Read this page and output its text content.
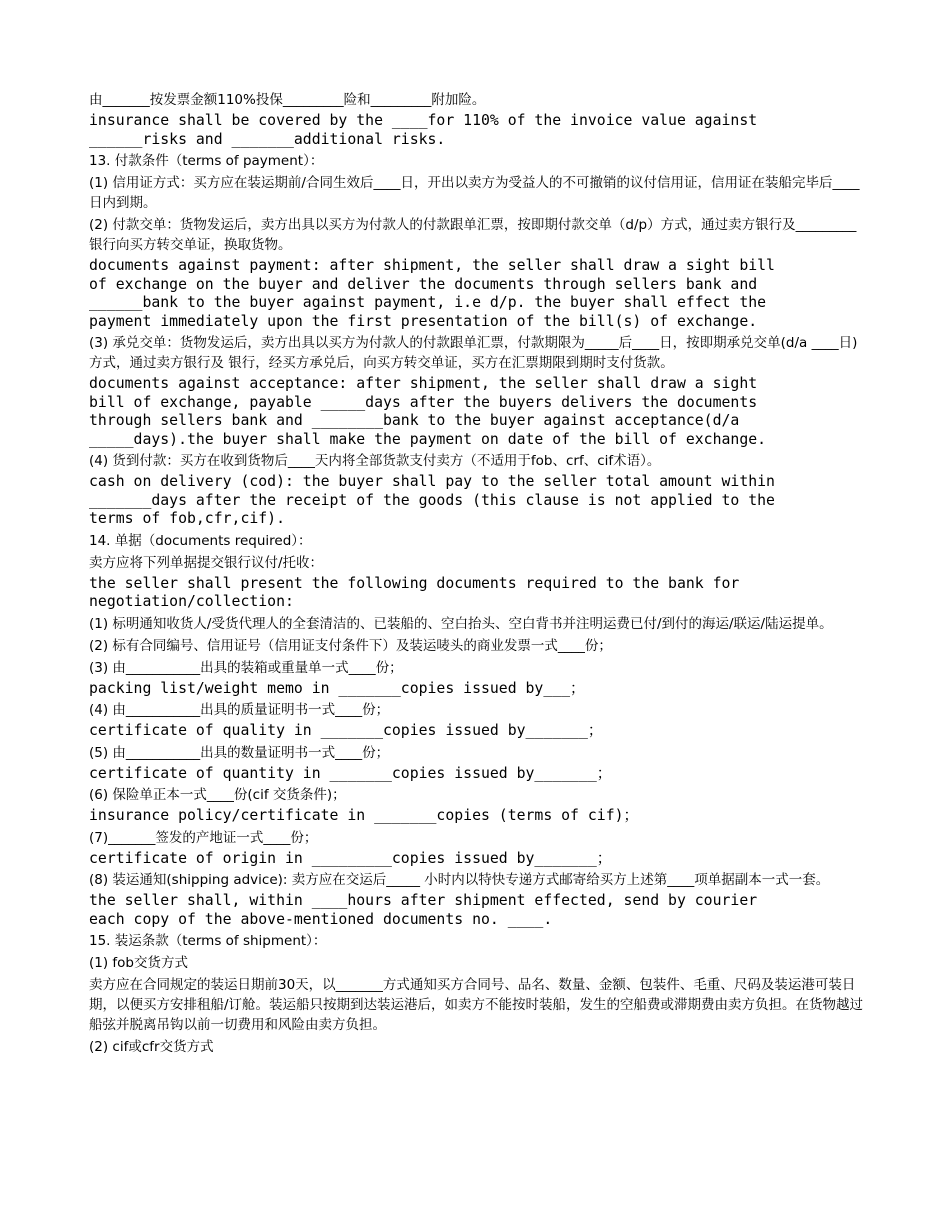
由_______按发票金额110%投保_________险和_________附加险。

insurance shall be covered by the ____for 110% of the invoice value against
______risks and _______additional risks.

13. 付款条件（terms of payment）：

(1) 信用证方式：买方应在装运期前/合同生效后____日，开出以卖方为受益人的不可撤销的议付信用证，信用证在装船完毕后____日内到期。

(2) 付款交单：货物发运后，卖方出具以买方为付款人的付款跟单汇票，按即期付款交单（d/p）方式，通过卖方银行及_________银行向买方转交单证，换取货物。

documents against payment: after shipment, the seller shall draw a sight bill
of exchange on the buyer and deliver the documents through sellers bank and
______bank to the buyer against payment, i.e d/p. the buyer shall effect the
payment immediately upon the first presentation of the bill(s) of exchange.

(3) 承兑交单：货物发运后，卖方出具以买方为付款人的付款跟单汇票，付款期限为_____后____日，按即期承兑交单(d/a ____日)方式，通过卖方银行及 银行，经买方承兑后，向买方转交单证，买方在汇票期限到期时支付货款。

documents against acceptance: after shipment, the seller shall draw a sight
bill of exchange, payable _____days after the buyers delivers the documents
through sellers bank and ________bank to the buyer against acceptance(d/a
_____days).the buyer shall make the payment on date of the bill of exchange.

(4) 货到付款：买方在收到货物后____天内将全部货款支付卖方（不适用于fob、crf、cif术语）。

cash on delivery (cod): the buyer shall pay to the seller total amount within
_______days after the receipt of the goods (this clause is not applied to the
terms of fob,cfr,cif).

14. 单据（documents required）：

卖方应将下列单据提交银行议付/托收：

the seller shall present the following documents required to the bank for
negotiation/collection:

(1) 标明通知收货人/受货代理人的全套清洁的、已装船的、空白抬头、空白背书并注明运费已付/到付的海运/联运/陆运提单。

(2) 标有合同编号、信用证号（信用证支付条件下）及装运唛头的商业发票一式____份；

(3) 由___________出具的装箱或重量单一式____份；

packing list/weight memo in _______copies issued by___；

(4) 由___________出具的质量证明书一式____份；

certificate of quality in _______copies issued by_______；

(5) 由___________出具的数量证明书一式____份；

certificate of quantity in _______copies issued by_______；

(6) 保险单正本一式____份(cif 交货条件)；

insurance policy/certificate in _______copies (terms of cif)；

(7)_______签发的产地证一式____份；

certificate of origin in _________copies issued by_______；

(8) 装运通知(shipping advice): 卖方应在交运后_____ 小时内以特快专递方式邮寄给买方上述第____项单据副本一式一套。

the seller shall, within ____hours after shipment effected, send by courier
each copy of the above-mentioned documents no. ____.

15. 装运条款（terms of shipment）：

(1) fob交货方式

卖方应在合同规定的装运日期前30天，以_______方式通知买方合同号、品名、数量、金额、包装件、毛重、尺码及装运港可装日期，以便买方安排租船/订舱。装运船只按期到达装运港后，如卖方不能按时装船，发生的空船费或滞期费由卖方负担。在货物越过船弦并脱离吊钩以前一切费用和风险由卖方负担。

(2) cif或cfr交货方式
